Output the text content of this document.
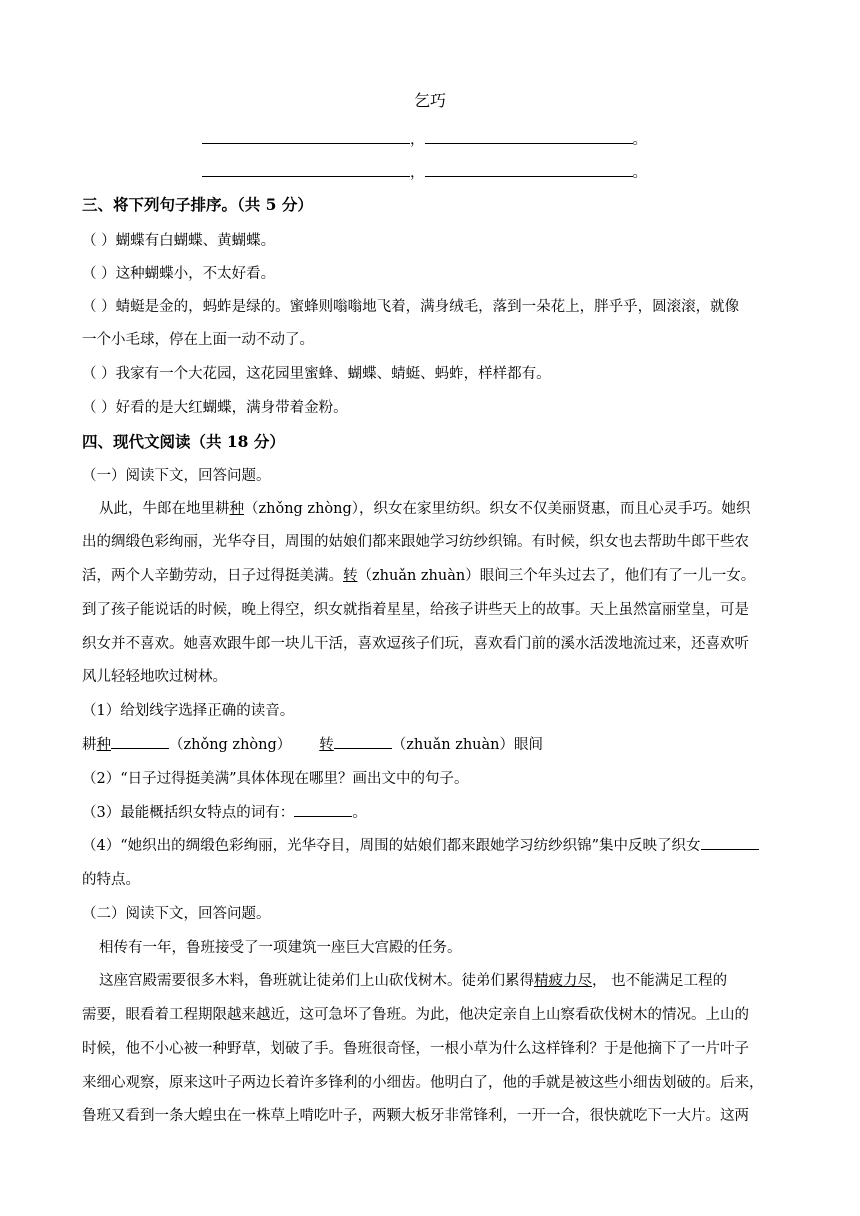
乞巧
，	。
，	。
三、将下列句子排序。（共 5 分）
（ ）蝴蝶有白蝴蝶、黄蝴蝶。
（ ）这种蝴蝶小，不太好看。
（ ）蜻蜓是金的，蚂蚱是绿的。蜜蜂则嗡嗡地飞着，满身绒毛，落到一朵花上，胖乎乎，圆滚滚，就像
一个小毛球，停在上面一动不动了。
（ ）我家有一个大花园，这花园里蜜蜂、蝴蝶、蜻蜓、蚂蚱，样样都有。
（ ）好看的是大红蝴蝶，满身带着金粉。
四、现代文阅读（共 18 分）
（一）阅读下文，回答问题。
从此，牛郎在地里耕种（zhǒng zhòng），织女在家里纺织。织女不仅美丽贤惠，而且心灵手巧。她织
出的绸缎色彩绚丽，光华夺目，周围的姑娘们都来跟她学习纺纱织锦。有时候，织女也去帮助牛郎干些农
活，两个人辛勤劳动，日子过得挺美满。转（zhuǎn zhuàn）眼间三个年头过去了，他们有了一儿一女。
到了孩子能说话的时候，晚上得空，织女就指着星星，给孩子讲些天上的故事。天上虽然富丽堂皇，可是
织女并不喜欢。她喜欢跟牛郎一块儿干活，喜欢逗孩子们玩，喜欢看门前的溪水活泼地流过来，还喜欢听
风儿轻轻地吹过树林。
（1）给划线字选择正确的读音。
耕种	（zhǒng zhòng） 转	（zhuǎn zhuàn）眼间
（2）“日子过得挺美满”具体体现在哪里？画出文中的句子。
（3）最能概括织女特点的词有：	。
（4）“她织出的绸缎色彩绚丽，光华夺目，周围的姑娘们都来跟她学习纺纱织锦”集中反映了织女
的特点。
（二）阅读下文，回答问题。
相传有一年，鲁班接受了一项建筑一座巨大宫殿的任务。
这座宫殿需要很多木料，鲁班就让徒弟们上山砍伐树木。徒弟们累得精疲力尽， 也不能满足工程的
需要，眼看着工程期限越来越近，这可急坏了鲁班。为此，他决定亲自上山察看砍伐树木的情况。上山的
时候，他不小心被一种野草，划破了手。鲁班很奇怪，一根小草为什么这样锋利？于是他摘下了一片叶子
来细心观察，原来这叶子两边长着许多锋利的小细齿。他明白了，他的手就是被这些小细齿划破的。后来，
鲁班又看到一条大蝗虫在一株草上啃吃叶子，两颗大板牙非常锋利，一开一合，很快就吃下一大片。这两
